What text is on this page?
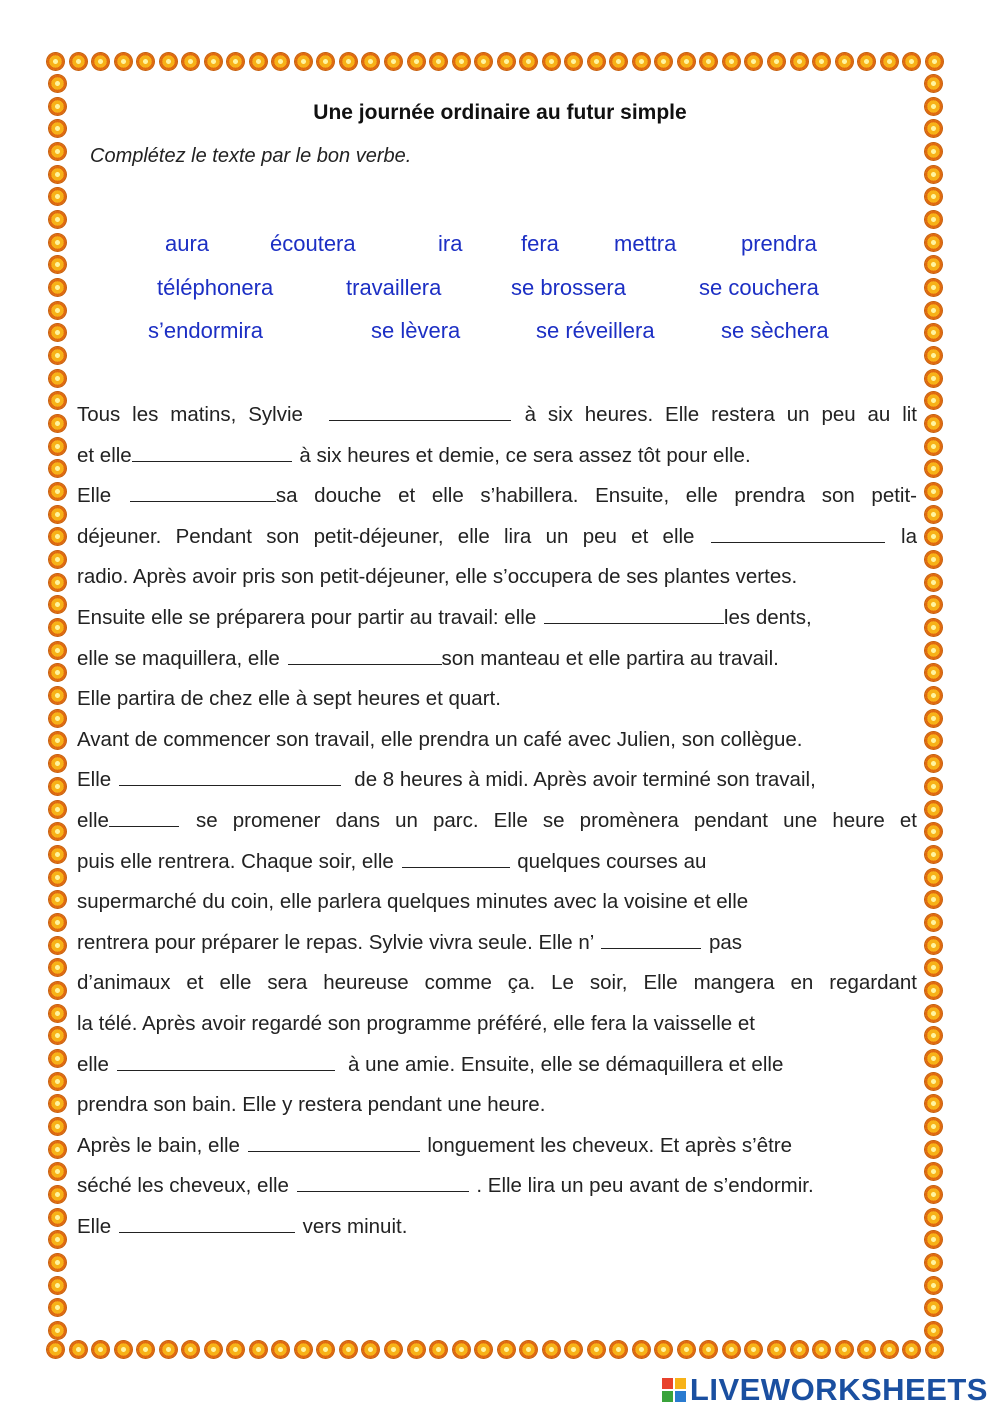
Une journée ordinaire au futur simple
Complétez le texte par le bon verbe.
aura	écoutera	ira	fera	mettra	prendra
téléphonera	travaillera	se brossera	se couchera
s’endormira	se lèvera	se réveillera	se sèchera
Tous les matins, Sylvie	à six heures. Elle restera un peu au lit
et elle	à six heures et demie, ce sera assez tôt pour elle.
Elle	sa douche et elle s’habillera. Ensuite, elle prendra son petit-
déjeuner. Pendant son petit-déjeuner, elle lira un peu et elle	la
radio. Après avoir pris son petit-déjeuner, elle s’occupera de ses plantes vertes.
Ensuite elle se préparera pour partir au travail: elle	les dents,
elle se maquillera, elle	son manteau et elle partira au travail.
Elle partira de chez elle à sept heures et quart.
Avant de commencer son travail, elle prendra un café avec Julien, son collègue.
Elle	de 8 heures à midi. Après avoir terminé son travail,
elle	se promener dans un parc. Elle se promènera pendant une heure et
puis elle rentrera. Chaque soir, elle	quelques courses au
supermarché du coin, elle parlera quelques minutes avec la voisine et elle
rentrera pour préparer le repas. Sylvie vivra seule. Elle n’	pas
d’animaux et elle sera heureuse comme ça. Le soir, Elle mangera en regardant
la télé. Après avoir regardé son programme préféré, elle fera la vaisselle et
elle	à une amie. Ensuite, elle se démaquillera et elle
prendra son bain. Elle y restera pendant une heure.
Après le bain, elle	longuement les cheveux. Et après s’être
séché les cheveux, elle	. Elle lira un peu avant de s’endormir.
Elle	vers minuit.
LIVEWORKSHEETS
